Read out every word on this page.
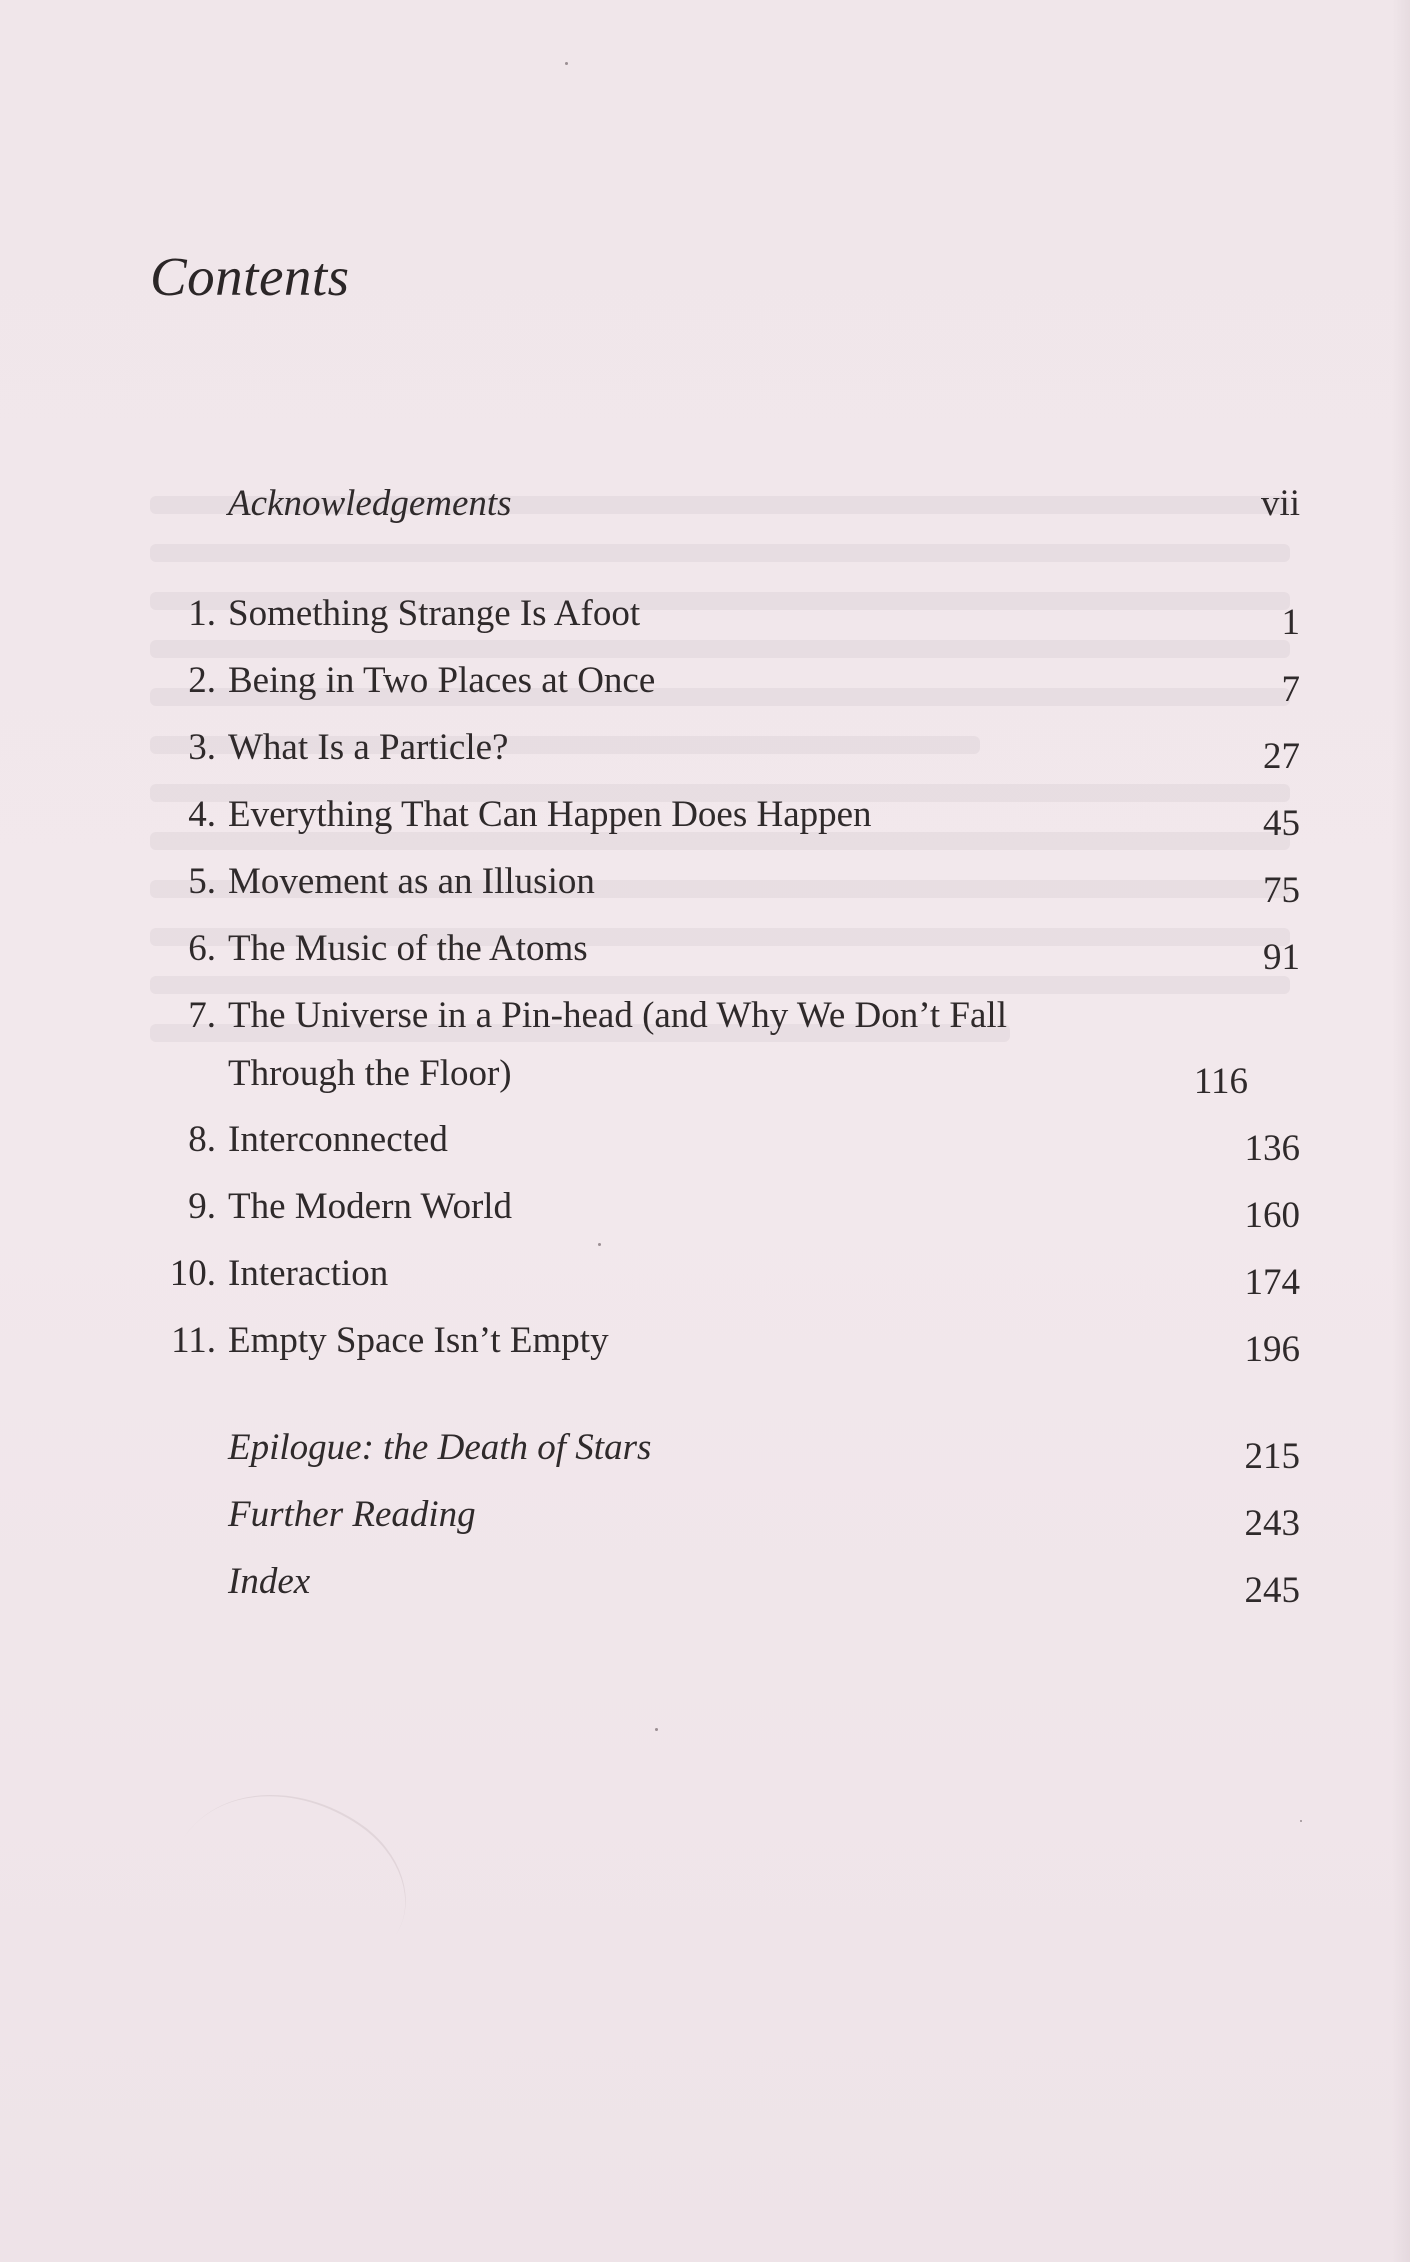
Contents
Acknowledgements	vii
1. Something Strange Is Afoot	1
2. Being in Two Places at Once	7
3. What Is a Particle?	27
4. Everything That Can Happen Does Happen	45
5. Movement as an Illusion	75
6. The Music of the Atoms	91
7. The Universe in a Pin-head (and Why We Don’t Fall
Through the Floor)	116
8. Interconnected	136
9. The Modern World	160
10. Interaction	174
11. Empty Space Isn’t Empty	196
Epilogue: the Death of Stars	215
Further Reading	243
Index	245
